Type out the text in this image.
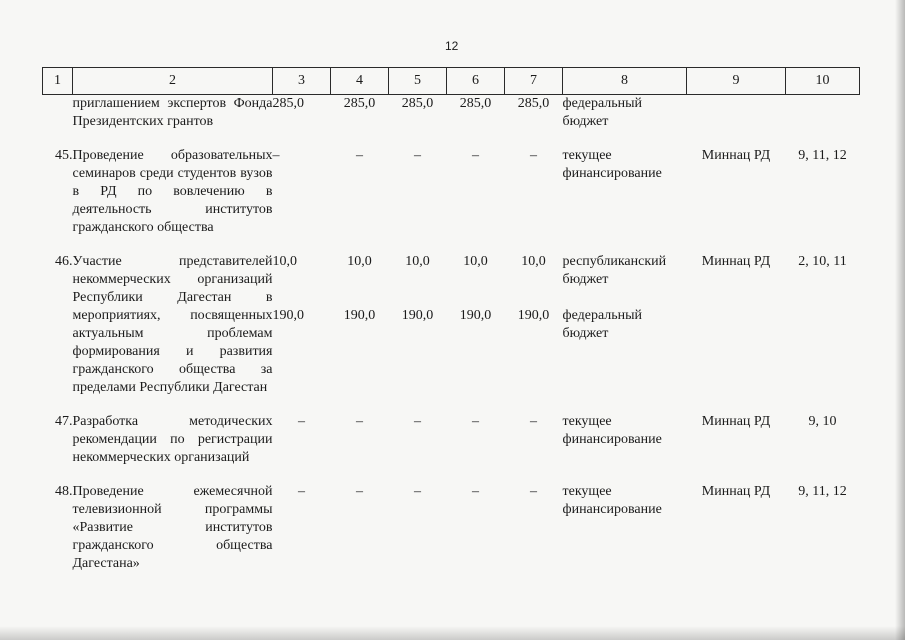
12
1	2	3	4	5	6	7	8	9	10
	приглашением экспертов Фонда Президентских грантов	285,0	285,0	285,0	285,0	285,0	федеральный бюджет		

45.	Проведение образовательных семинаров среди студентов вузов в РД по вовлечению в деятельность институтов гражданского общества	–	–	–	–	–	текущее финансирование	Миннац РД	9, 11, 12

46.	Участие представителей некоммерческих организаций Республики Дагестан в мероприятиях, посвященных актуальным проблемам формирования и развития гражданского общества за пределами Республики Дагестан	10,0	10,0	10,0	10,0	10,0	республиканский бюджет	Миннац РД	2, 10, 11
		190,0	190,0	190,0	190,0	190,0	федеральный бюджет		

47.	Разработка методических рекомендации по регистрации некоммерческих организаций	–	–	–	–	–	текущее финансирование	Миннац РД	9, 10

48.	Проведение ежемесячной телевизионной программы «Развитие институтов гражданского общества Дагестана»	–	–	–	–	–	текущее финансирование	Миннац РД	9, 11, 12
